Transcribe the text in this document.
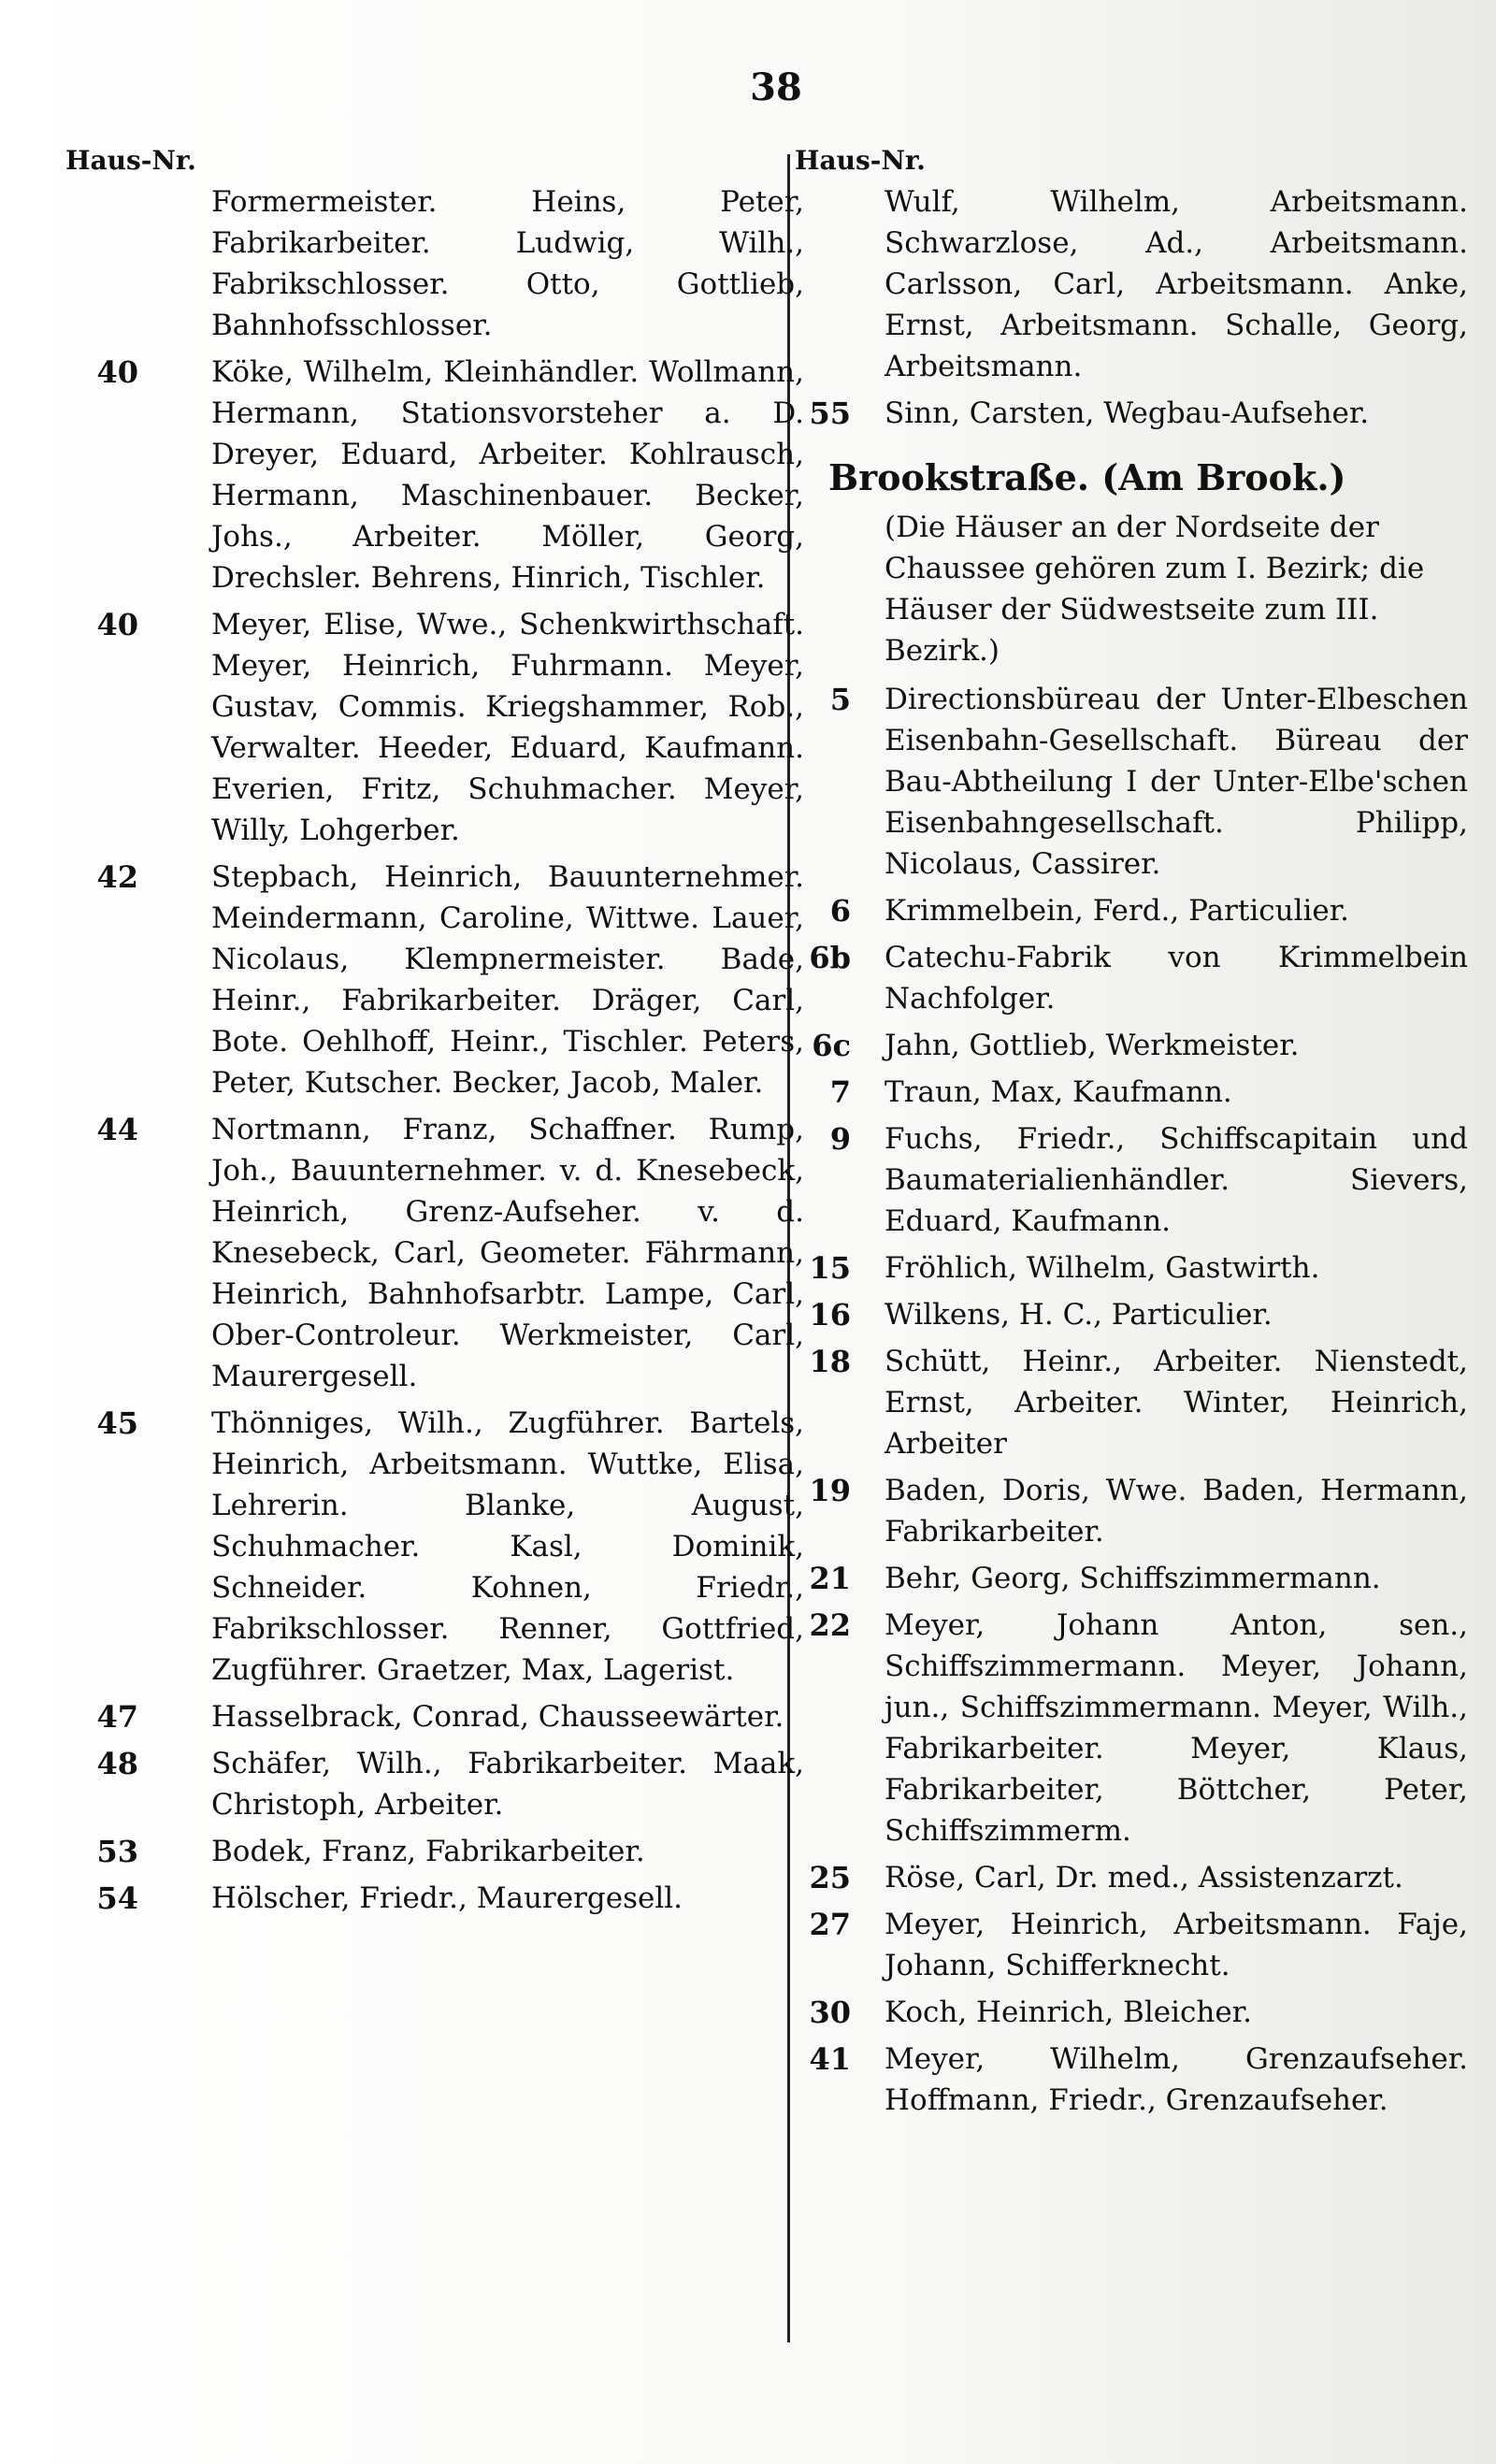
38
Haus-Nr.
Formermeister. Heins, Peter, Fabrikarbeiter. Ludwig, Wilh., Fabrikschlosser. Otto, Gottlieb, Bahnhofsschlosser.
40	Köke, Wilhelm, Kleinhändler. Wollmann, Hermann, Stationsvorsteher a. D. Dreyer, Eduard, Arbeiter. Kohlrausch, Hermann, Maschinenbauer. Becker, Johs., Arbeiter. Möller, Georg, Drechsler. Behrens, Hinrich, Tischler.
40	Meyer, Elise, Wwe., Schenkwirthschaft. Meyer, Heinrich, Fuhrmann. Meyer, Gustav, Commis. Kriegshammer, Rob., Verwalter. Heeder, Eduard, Kaufmann. Everien, Fritz, Schuhmacher. Meyer, Willy, Lohgerber.
42	Stepbach, Heinrich, Bauunternehmer. Meindermann, Caroline, Wittwe. Lauer, Nicolaus, Klempnermeister. Bade, Heinr., Fabrikarbeiter. Dräger, Carl, Bote. Oehlhoff, Heinr., Tischler. Peters, Peter, Kutscher. Becker, Jacob, Maler.
44	Nortmann, Franz, Schaffner. Rump, Joh., Bauunternehmer. v. d. Knesebeck, Heinrich, Grenz-Aufseher. v. d. Knesebeck, Carl, Geometer. Fährmann, Heinrich, Bahnhofsarbtr. Lampe, Carl, Ober-Controleur. Werkmeister, Carl, Maurergesell.
45	Thönniges, Wilh., Zugführer. Bartels, Heinrich, Arbeitsmann. Wuttke, Elisa, Lehrerin. Blanke, August, Schuhmacher. Kasl, Dominik, Schneider. Kohnen, Friedr., Fabrikschlosser. Renner, Gottfried, Zugführer. Graetzer, Max, Lagerist.
47	Hasselbrack, Conrad, Chausseewärter.
48	Schäfer, Wilh., Fabrikarbeiter. Maak, Christoph, Arbeiter.
53	Bodek, Franz, Fabrikarbeiter.
54	Hölscher, Friedr., Maurergesell.
Haus-Nr.
Wulf, Wilhelm, Arbeitsmann. Schwarzlose, Ad., Arbeitsmann. Carlsson, Carl, Arbeitsmann. Anke, Ernst, Arbeitsmann. Schalle, Georg, Arbeitsmann.
55 Sinn, Carsten, Wegbau-Aufseher.
Brookstraße. (Am Brook.)
(Die Häuser an der Nordseite der Chaussee gehören zum I. Bezirk; die Häuser der Südwestseite zum III. Bezirk.)
5 Directionsbüreau der Unter-Elbeschen Eisenbahn-Gesellschaft. Büreau der Bau-Abtheilung I der Unter-Elbe'schen Eisenbahngesellschaft. Philipp, Nicolaus, Cassirer.
6 Krimmelbein, Ferd., Particulier.
6b Catechu-Fabrik von Krimmelbein Nachfolger.
6c Jahn, Gottlieb, Werkmeister.
7 Traun, Max, Kaufmann.
9 Fuchs, Friedr., Schiffscapitain und Baumaterialienhändler. Sievers, Eduard, Kaufmann.
15 Fröhlich, Wilhelm, Gastwirth.
16 Wilkens, H. C., Particulier.
18 Schütt, Heinr., Arbeiter. Nienstedt, Ernst, Arbeiter. Winter, Heinrich, Arbeiter
19 Baden, Doris, Wwe. Baden, Hermann, Fabrikarbeiter.
21 Behr, Georg, Schiffszimmermann.
22 Meyer, Johann Anton, sen., Schiffszimmermann. Meyer, Johann, jun., Schiffszimmermann. Meyer, Wilh., Fabrikarbeiter. Meyer, Klaus, Fabrikarbeiter, Böttcher, Peter, Schiffszimmerm.
25 Röse, Carl, Dr. med., Assistenzarzt.
27 Meyer, Heinrich, Arbeitsmann. Faje, Johann, Schifferknecht.
30 Koch, Heinrich, Bleicher.
41 Meyer, Wilhelm, Grenzaufseher. Hoffmann, Friedr., Grenzaufseher.
